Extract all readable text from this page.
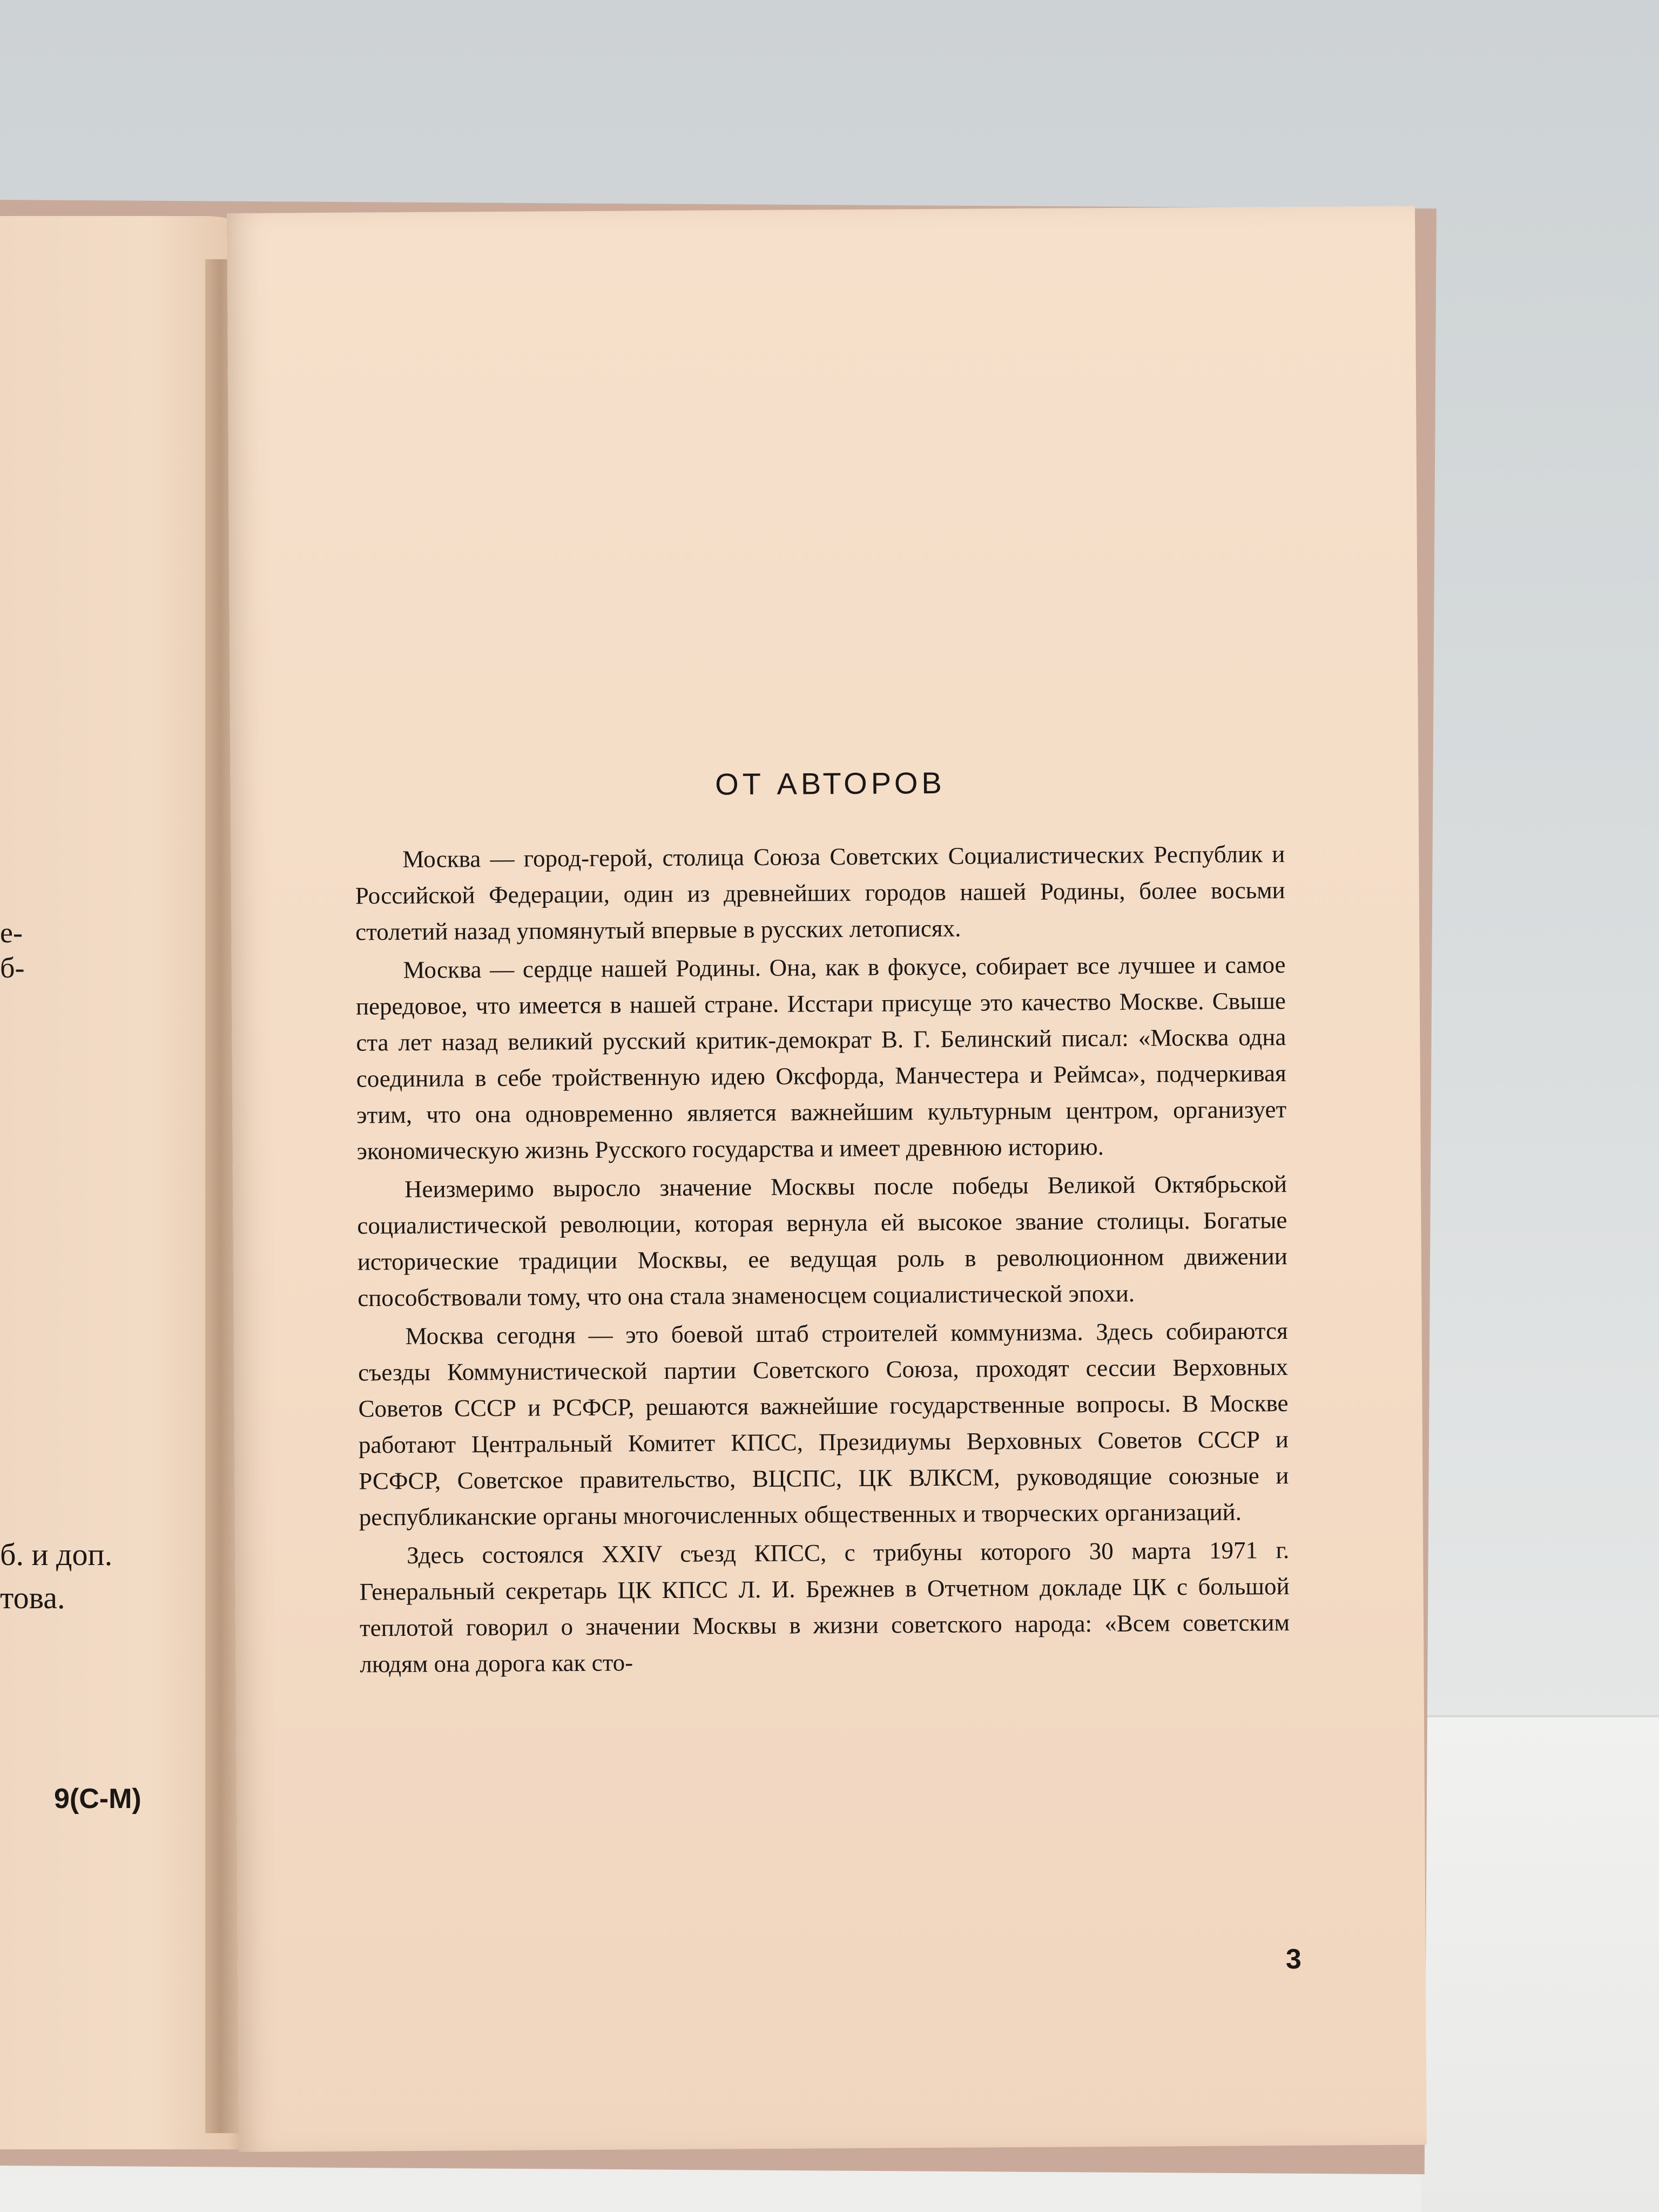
е-
б-
б. и доп.
това.
9(С-М)
ОТ АВТОРОВ

Москва — город-герой, столица Союза Советских Социалистических Республик и Российской Федерации, один из древнейших городов нашей Родины, более восьми столетий назад упомянутый впервые в русских летописях.

Москва — сердце нашей Родины. Она, как в фокусе, собирает все лучшее и самое передовое, что имеется в нашей стране. Исстари присуще это качество Москве. Свыше ста лет назад великий русский критик-демократ В. Г. Белинский писал: «Москва одна соединила в себе тройственную идею Оксфорда, Манчестера и Реймса», подчеркивая этим, что она одновременно является важнейшим культурным центром, организует экономическую жизнь Русского государства и имеет древнюю историю.

Неизмеримо выросло значение Москвы после победы Великой Октябрьской социалистической революции, которая вернула ей высокое звание столицы. Богатые исторические традиции Москвы, ее ведущая роль в революционном движении способствовали тому, что она стала знаменосцем социалистической эпохи.

Москва сегодня — это боевой штаб строителей коммунизма. Здесь собираются съезды Коммунистической партии Советского Союза, проходят сессии Верховных Советов СССР и РСФСР, решаются важнейшие государственные вопросы. В Москве работают Центральный Комитет КПСС, Президиумы Верховных Советов СССР и РСФСР, Советское правительство, ВЦСПС, ЦК ВЛКСМ, руководящие союзные и республиканские органы многочисленных общественных и творческих организаций.

Здесь состоялся XXIV съезд КПСС, с трибуны которого 30 марта 1971 г. Генеральный секретарь ЦК КПСС Л. И. Брежнев в Отчетном докладе ЦК с большой теплотой говорил о значении Москвы в жизни советского народа: «Всем советским людям она дорога как сто-

3
